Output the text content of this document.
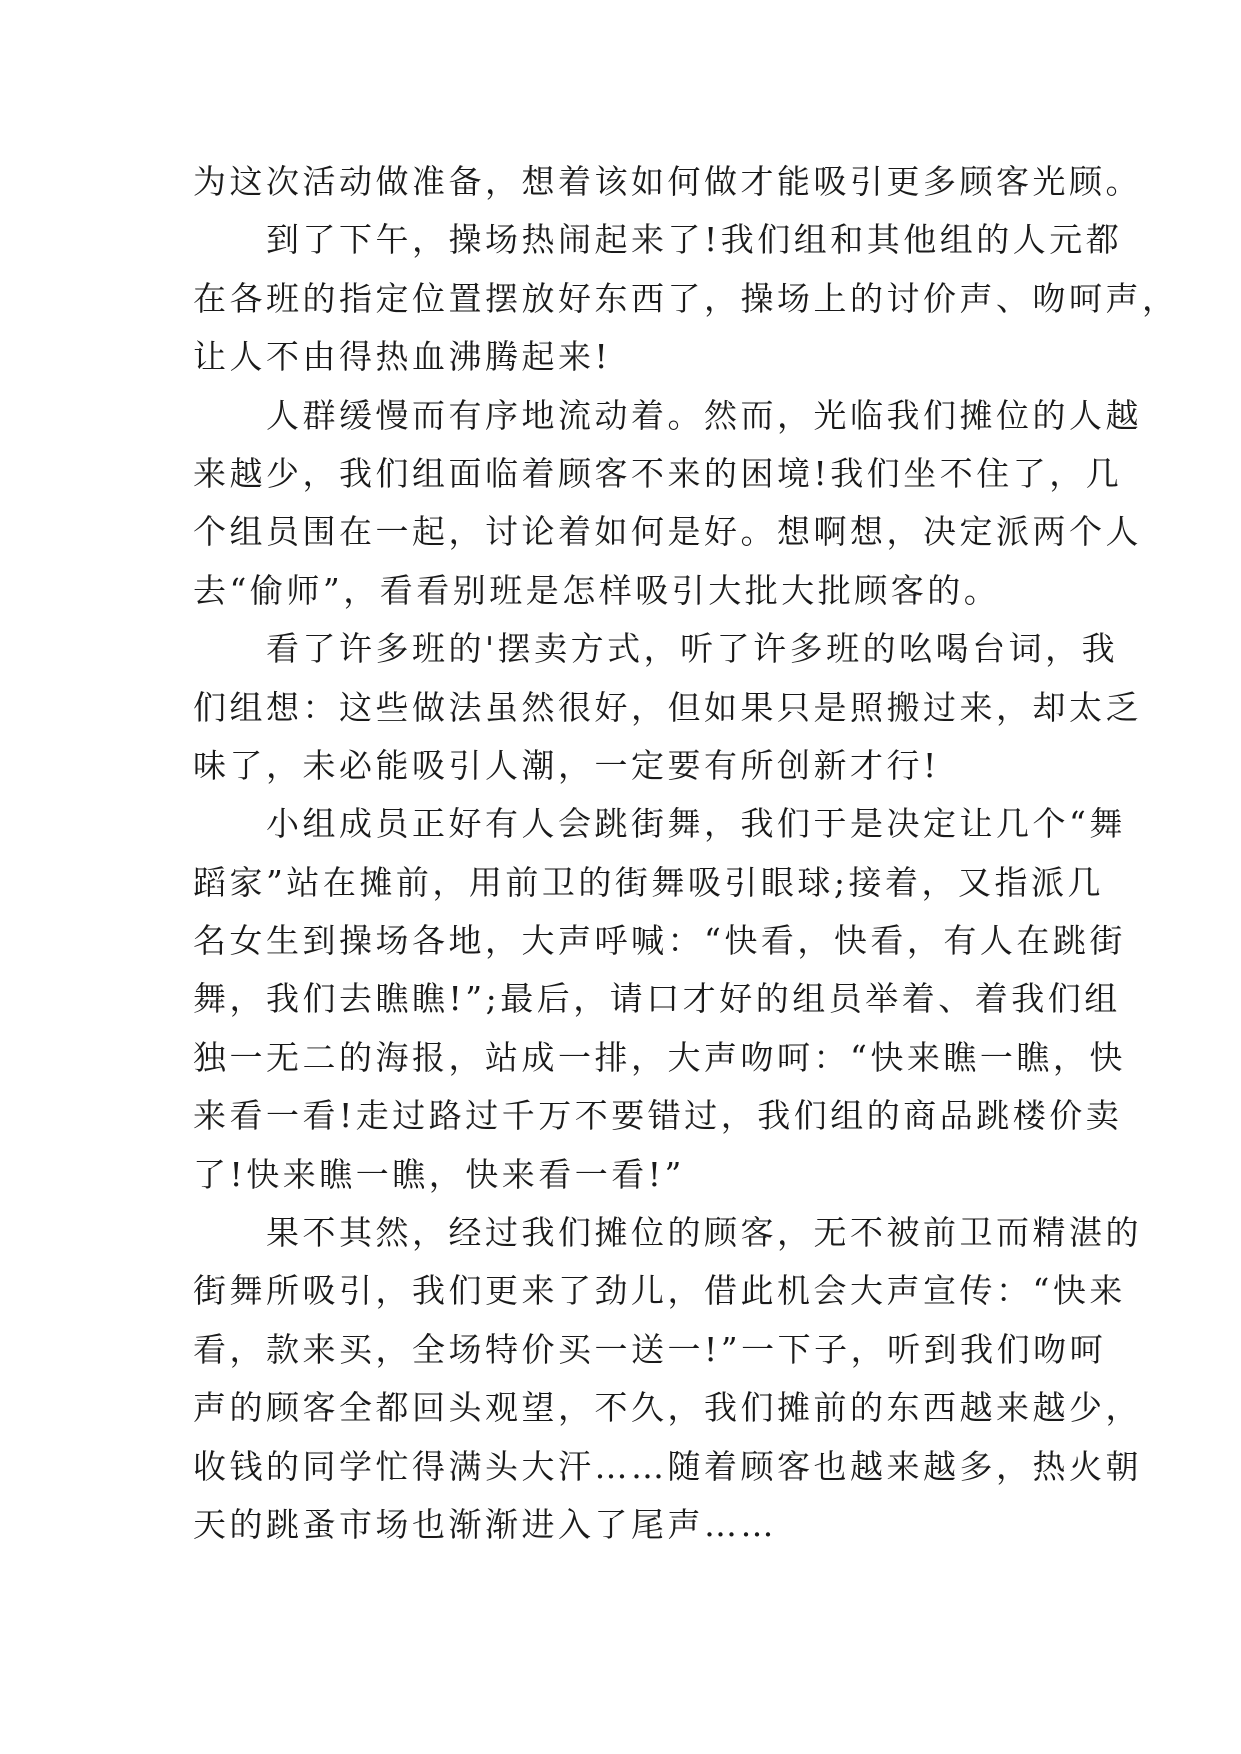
为这次活动做准备，想着该如何做才能吸引更多顾客光顾。
　　到了下午，操场热闹起来了!我们组和其他组的人元都
在各班的指定位置摆放好东西了，操场上的讨价声、吻呵声，
让人不由得热血沸腾起来!
　　人群缓慢而有序地流动着。然而，光临我们摊位的人越
来越少，我们组面临着顾客不来的困境!我们坐不住了，几
个组员围在一起，讨论着如何是好。想啊想，决定派两个人
去“偷师”，看看别班是怎样吸引大批大批顾客的。
　　看了许多班的'摆卖方式，听了许多班的吆喝台词，我
们组想：这些做法虽然很好，但如果只是照搬过来，却太乏
味了，未必能吸引人潮，一定要有所创新才行!
　　小组成员正好有人会跳街舞，我们于是决定让几个“舞
蹈家”站在摊前，用前卫的街舞吸引眼球;接着，又指派几
名女生到操场各地，大声呼喊：“快看，快看，有人在跳街
舞，我们去瞧瞧!”;最后，请口才好的组员举着、着我们组
独一无二的海报，站成一排，大声吻呵：“快来瞧一瞧，快
来看一看!走过路过千万不要错过，我们组的商品跳楼价卖
了!快来瞧一瞧，快来看一看!”
　　果不其然，经过我们摊位的顾客，无不被前卫而精湛的
街舞所吸引，我们更来了劲儿，借此机会大声宣传：“快来
看，款来买，全场特价买一送一!”一下子，听到我们吻呵
声的顾客全都回头观望，不久，我们摊前的东西越来越少，
收钱的同学忙得满头大汗……随着顾客也越来越多，热火朝
天的跳蚤市场也渐渐进入了尾声……
